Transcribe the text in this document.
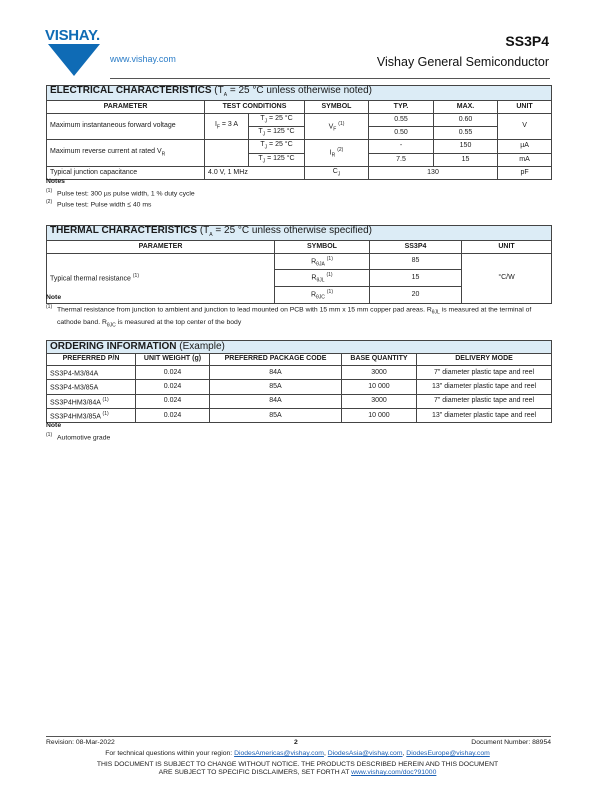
VISHAY.
www.vishay.com
SS3P4
Vishay General Semiconductor
ELECTRICAL CHARACTERISTICS ($T_A = 25$ °C unless otherwise noted)						
PARAMETER	TEST CONDITIONS		SYMBOL	TYP.	MAX.	UNIT
Maximum instantaneous forward voltage	$I_F = 3$ A	$T_J = 25$ °C	$V_F$ $^{(1)}$	0.55	0.60	V
		$T_J = 125$ °C		0.50	0.55	
Maximum reverse current at rated $V_R$		$T_J = 25$ °C	$I_R$ $^{(2)}$	-	150	µA
		$T_J = 125$ °C		7.5	15	mA
Typical junction capacitance	4.0 V, 1 MHz		$C_J$	130		pF
Notes
$^{(1)}$ Pulse test: 300 µs pulse width, 1 % duty cycle
$^{(2)}$ Pulse test: Pulse width ≤ 40 ms
THERMAL CHARACTERISTICS ($T_A = 25$ °C unless otherwise specified)			
PARAMETER	SYMBOL	SS3P4	UNIT
Typical thermal resistance $^{(1)}$	$R_{\theta JA}$ $^{(1)}$	85	°C/W
	$R_{\theta JL}$ $^{(1)}$	15	
	$R_{\theta JC}$ $^{(1)}$	20	
Note
$^{(1)}$ Thermal resistance from junction to ambient and junction to lead mounted on PCB with 15 mm x 15 mm copper pad areas. $R_{\theta JL}$ is measured at the terminal of cathode band. $R_{\theta JC}$ is measured at the top center of the body
ORDERING INFORMATION (Example)				
PREFERRED P/N	UNIT WEIGHT (g)	PREFERRED PACKAGE CODE	BASE QUANTITY	DELIVERY MODE
SS3P4-M3/84A	0.024	84A	3000	7" diameter plastic tape and reel
SS3P4-M3/85A	0.024	85A	10 000	13" diameter plastic tape and reel
SS3P4HM3/84A $^{(1)}$	0.024	84A	3000	7" diameter plastic tape and reel
SS3P4HM3/85A $^{(1)}$	0.024	85A	10 000	13" diameter plastic tape and reel
Note
$^{(1)}$ Automotive grade
Revision: 08-Mar-2022	2	Document Number: 88954
For technical questions within your region: DiodesAmericas@vishay.com, DiodesAsia@vishay.com, DiodesEurope@vishay.com
THIS DOCUMENT IS SUBJECT TO CHANGE WITHOUT NOTICE. THE PRODUCTS DESCRIBED HEREIN AND THIS DOCUMENT
ARE SUBJECT TO SPECIFIC DISCLAIMERS, SET FORTH AT www.vishay.com/doc?91000
